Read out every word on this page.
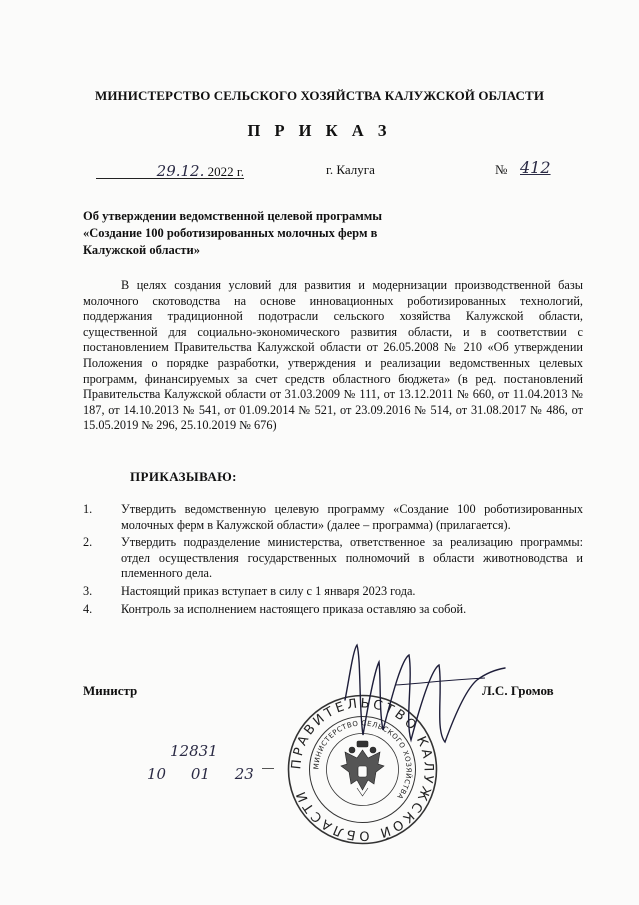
МИНИСТЕРСТВО СЕЛЬСКОГО ХОЗЯЙСТВА КАЛУЖСКОЙ ОБЛАСТИ
П Р И К А З
29.12. 2022 г.	г. Калуга	№ 412
Об утверждении ведомственной целевой программы «Создание 100 роботизированных молочных ферм в Калужской области»
В целях создания условий для развития и модернизации производственной базы молочного скотоводства на основе инновационных роботизированных технологий, поддержания традиционной подотрасли сельского хозяйства Калужской области, существенной для социально-экономического развития области, и в соответствии с постановлением Правительства Калужской области от 26.05.2008 № 210 «Об утверждении Положения о порядке разработки, утверждения и реализации ведомственных целевых программ, финансируемых за счет средств областного бюджета» (в ред. постановлений Правительства Калужской области от 31.03.2009 № 111, от 13.12.2011 № 660, от 11.04.2013 № 187, от 14.10.2013 № 541, от 01.09.2014 № 521, от 23.09.2016 № 514, от 31.08.2017 № 486, от 15.05.2019 № 296, 25.10.2019 № 676)
ПРИКАЗЫВАЮ:
1.	Утвердить ведомственную целевую программу «Создание 100 роботизированных молочных ферм в Калужской области» (далее – программа) (прилагается).
2.	Утвердить подразделение министерства, ответственное за реализацию программы: отдел осуществления государственных полномочий в области животноводства и племенного дела.
3.	Настоящий приказ вступает в силу с 1 января 2023 года.
4.	Контроль за исполнением настоящего приказа оставляю за собой.
ПРАВИТЕЛЬСТВО КАЛУЖСКОЙ ОБЛАСТИ
МИНИСТЕРСТВО СЕЛЬСКОГО ХОЗЯЙСТВА
Министр	Л.С. Громов
12831
10 01 23
